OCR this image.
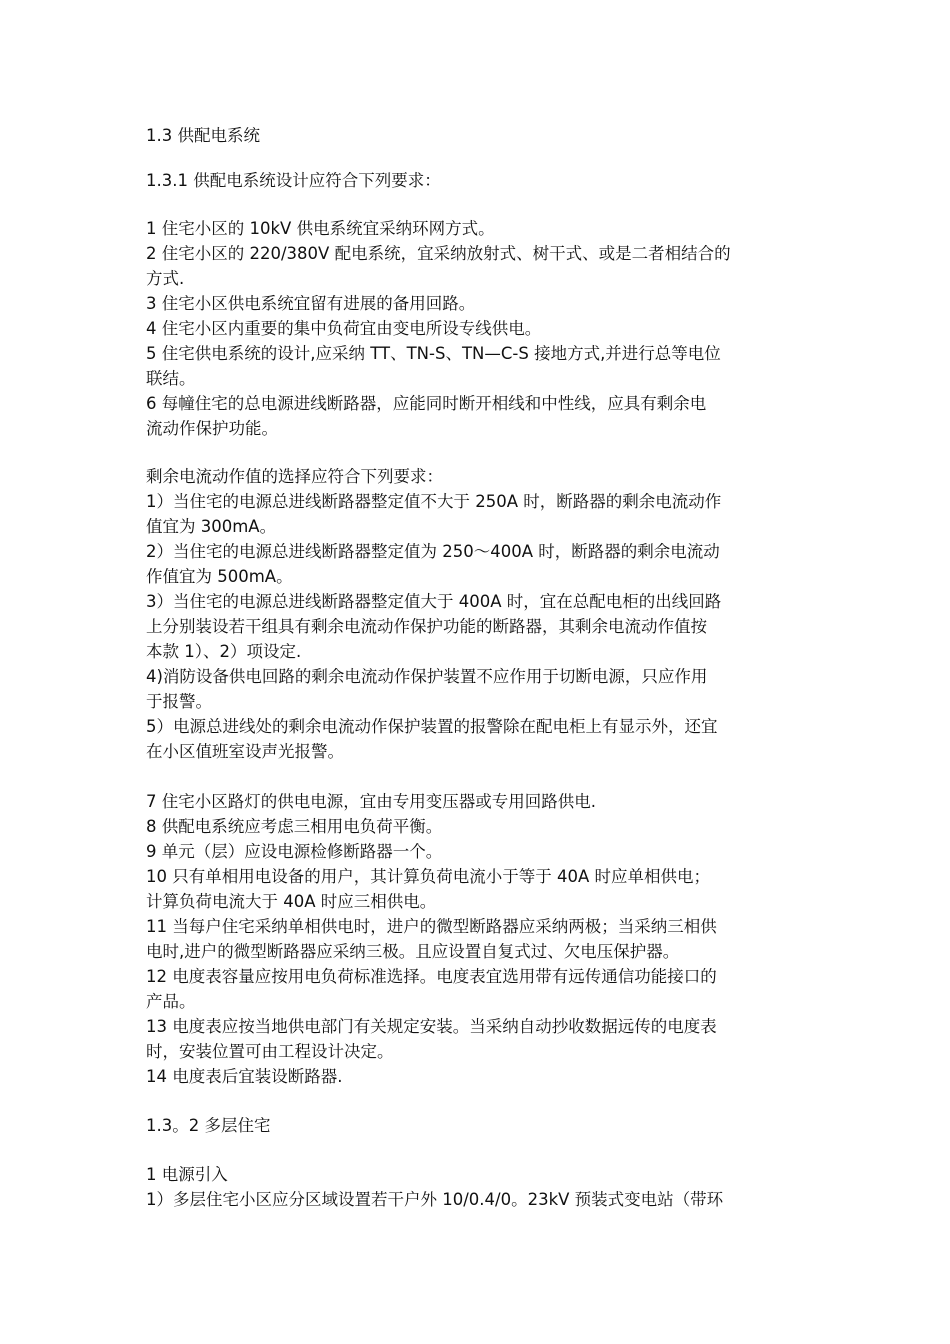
1.3 供配电系统
1.3.1 供配电系统设计应符合下列要求：
1 住宅小区的 10kV 供电系统宜采纳环网方式。
2 住宅小区的 220/380V 配电系统，宜采纳放射式、树干式、或是二者相结合的
方式.
3 住宅小区供电系统宜留有进展的备用回路。
4 住宅小区内重要的集中负荷宜由变电所设专线供电。
5 住宅供电系统的设计,应采纳 TT、TN-S、TN—C-S 接地方式,并进行总等电位
联结。
6 每幢住宅的总电源进线断路器，应能同时断开相线和中性线，应具有剩余电
流动作保护功能。
剩余电流动作值的选择应符合下列要求：
1）当住宅的电源总进线断路器整定值不大于 250A 时，断路器的剩余电流动作
值宜为 300mA。
2）当住宅的电源总进线断路器整定值为 250～400A 时，断路器的剩余电流动
作值宜为 500mA。
3）当住宅的电源总进线断路器整定值大于 400A 时，宜在总配电柜的出线回路
上分别装设若干组具有剩余电流动作保护功能的断路器，其剩余电流动作值按
本款 1）、2）项设定.
4)消防设备供电回路的剩余电流动作保护装置不应作用于切断电源，只应作用
于报警。
5）电源总进线处的剩余电流动作保护装置的报警除在配电柜上有显示外，还宜
在小区值班室设声光报警。
7 住宅小区路灯的供电电源，宜由专用变压器或专用回路供电.
8 供配电系统应考虑三相用电负荷平衡。
9 单元（层）应设电源检修断路器一个。
10 只有单相用电设备的用户，其计算负荷电流小于等于 40A 时应单相供电；
计算负荷电流大于 40A 时应三相供电。
11 当每户住宅采纳单相供电时，进户的微型断路器应采纳两极；当采纳三相供
电时,进户的微型断路器应采纳三极。且应设置自复式过、欠电压保护器。
12 电度表容量应按用电负荷标准选择。电度表宜选用带有远传通信功能接口的
产品。
13 电度表应按当地供电部门有关规定安装。当采纳自动抄收数据远传的电度表
时，安装位置可由工程设计决定。
14 电度表后宜装设断路器.
1.3。2 多层住宅
1 电源引入
1）多层住宅小区应分区域设置若干户外 10/0.4/0。23kV 预装式变电站（带环
